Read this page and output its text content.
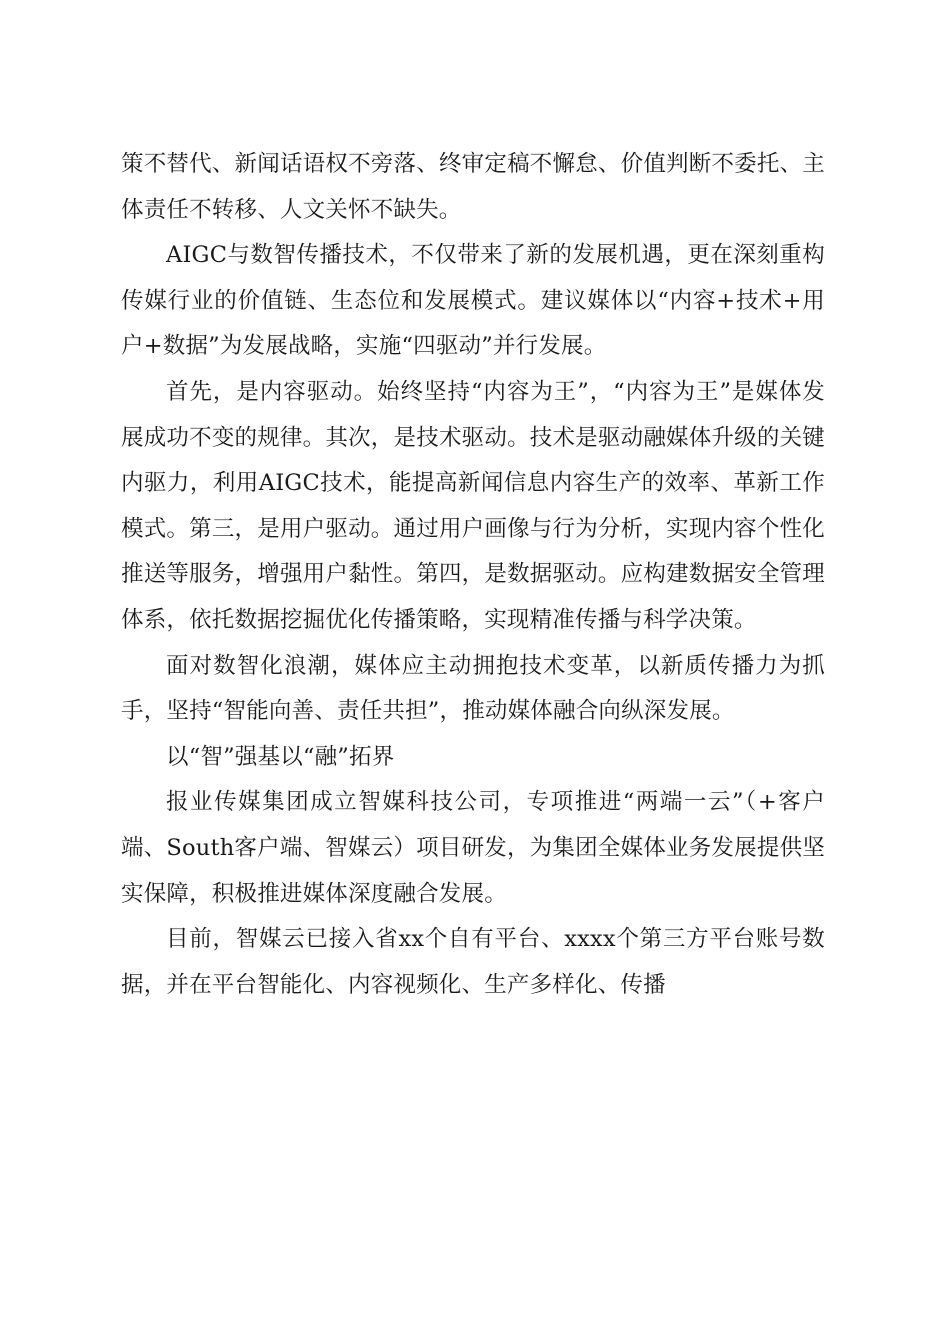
策不替代、新闻话语权不旁落、终审定稿不懈怠、价值判断不委托、主体责任不转移、人文关怀不缺失。

AIGC与数智传播技术，不仅带来了新的发展机遇，更在深刻重构传媒行业的价值链、生态位和发展模式。建议媒体以“内容+技术+用户+数据”为发展战略，实施“四驱动”并行发展。

首先，是内容驱动。始终坚持“内容为王”，“内容为王”是媒体发展成功不变的规律。其次，是技术驱动。技术是驱动融媒体升级的关键内驱力，利用AIGC技术，能提高新闻信息内容生产的效率、革新工作模式。第三，是用户驱动。通过用户画像与行为分析，实现内容个性化推送等服务，增强用户黏性。第四，是数据驱动。应构建数据安全管理体系，依托数据挖掘优化传播策略，实现精准传播与科学决策。

面对数智化浪潮，媒体应主动拥抱技术变革，以新质传播力为抓手，坚持“智能向善、责任共担”，推动媒体融合向纵深发展。

以“智”强基以“融”拓界

报业传媒集团成立智媒科技公司，专项推进“两端一云”（+客户端、South客户端、智媒云）项目研发，为集团全媒体业务发展提供坚实保障，积极推进媒体深度融合发展。

目前，智媒云已接入省xx个自有平台、xxxx个第三方平台账号数据，并在平台智能化、内容视频化、生产多样化、传播
